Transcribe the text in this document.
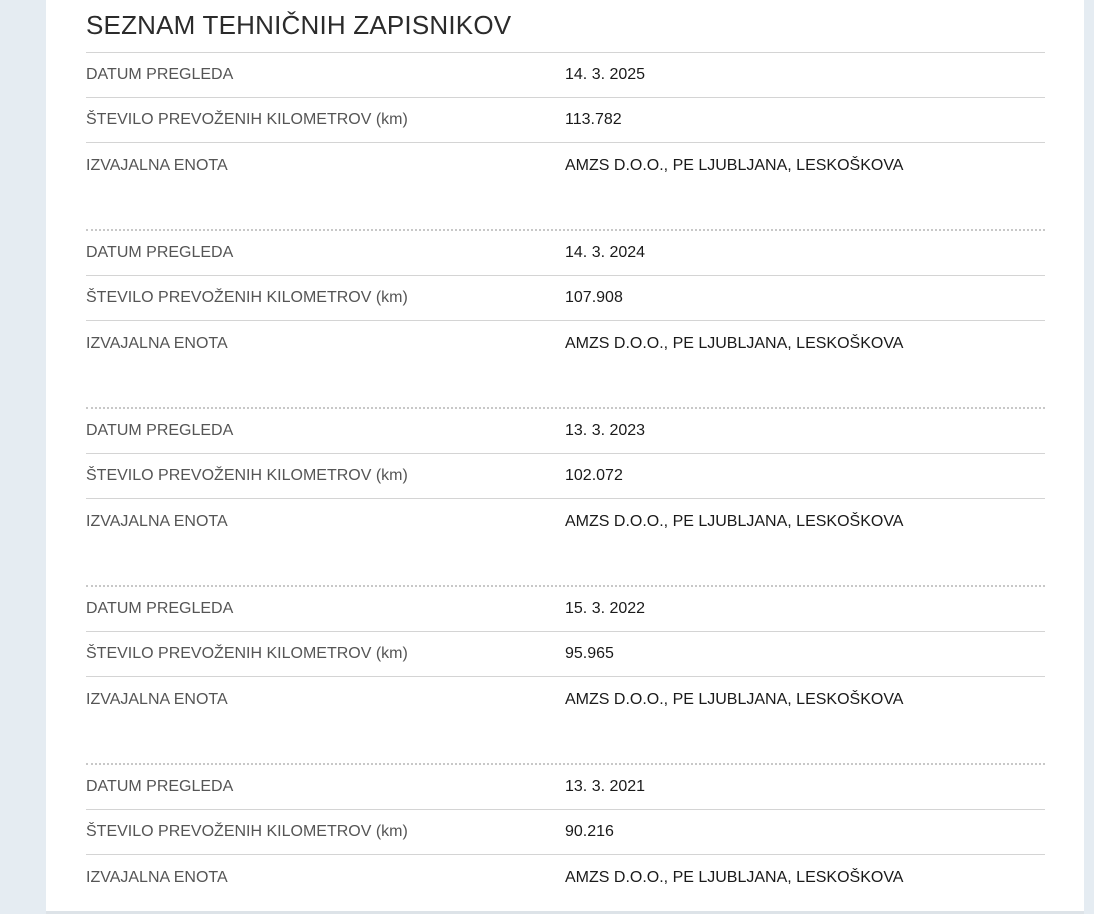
SEZNAM TEHNIČNIH ZAPISNIKOV
DATUM PREGLEDA	14. 3. 2025
ŠTEVILO PREVOŽENIH KILOMETROV (km)	113.782
IZVAJALNA ENOTA	AMZS D.O.O., PE LJUBLJANA, LESKOŠKOVA
DATUM PREGLEDA	14. 3. 2024
ŠTEVILO PREVOŽENIH KILOMETROV (km)	107.908
IZVAJALNA ENOTA	AMZS D.O.O., PE LJUBLJANA, LESKOŠKOVA
DATUM PREGLEDA	13. 3. 2023
ŠTEVILO PREVOŽENIH KILOMETROV (km)	102.072
IZVAJALNA ENOTA	AMZS D.O.O., PE LJUBLJANA, LESKOŠKOVA
DATUM PREGLEDA	15. 3. 2022
ŠTEVILO PREVOŽENIH KILOMETROV (km)	95.965
IZVAJALNA ENOTA	AMZS D.O.O., PE LJUBLJANA, LESKOŠKOVA
DATUM PREGLEDA	13. 3. 2021
ŠTEVILO PREVOŽENIH KILOMETROV (km)	90.216
IZVAJALNA ENOTA	AMZS D.O.O., PE LJUBLJANA, LESKOŠKOVA
